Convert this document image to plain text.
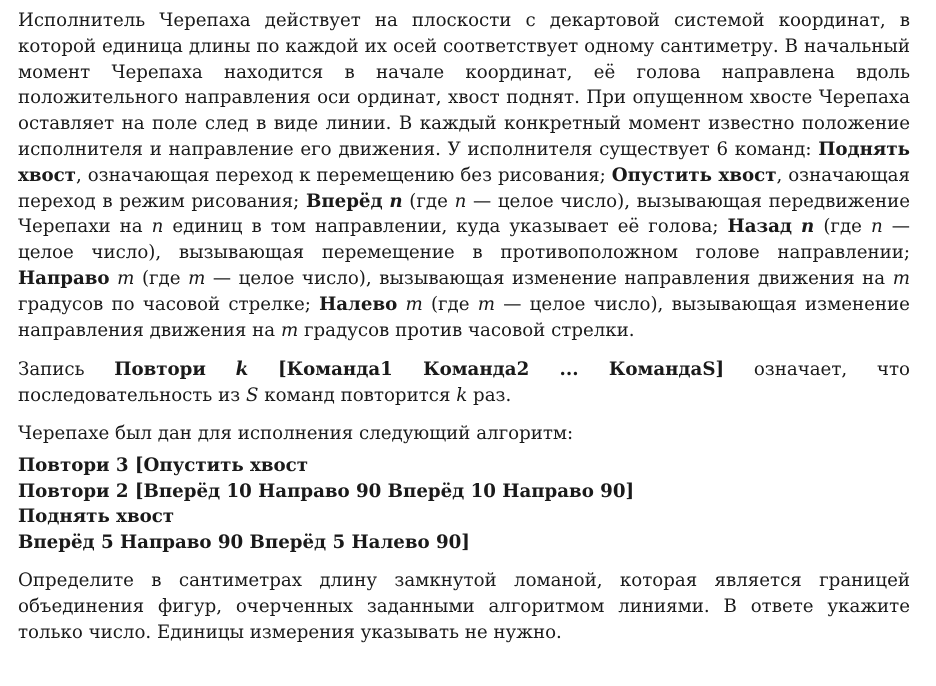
Исполнитель Черепаха действует на плоскости с декартовой системой координат, в которой единица длины по каждой их осей соответствует одному сантиметру. В начальный момент Черепаха находится в начале координат, её голова направлена вдоль положительного направления оси ординат, хвост поднят. При опущенном хвосте Черепаха оставляет на поле след в виде линии. В каждый конкретный момент известно положение исполнителя и направление его движения. У исполнителя существует 6 команд: Поднять хвост, означающая переход к перемещению без рисования; Опустить хвост, означающая переход в режим рисования; Вперёд n (где n — целое число), вызывающая передвижение Черепахи на n единиц в том направлении, куда указывает её голова; Назад n (где n — целое число), вызывающая перемещение в противоположном голове направлении; Направо m (где m — целое число), вызывающая изменение направления движения на m градусов по часовой стрелке; Налево m (где m — целое число), вызывающая изменение направления движения на m градусов против часовой стрелки.

Запись Повтори k [Команда1 Команда2 ... КомандаS] означает, что последовательность из S команд повторится k раз.

Черепахе был дан для исполнения следующий алгоритм:

Повтори 3 [Опустить хвост
Повтори 2 [Вперёд 10 Направо 90 Вперёд 10 Направо 90]
Поднять хвост
Вперёд 5 Направо 90 Вперёд 5 Налево 90]

Определите в сантиметрах длину замкнутой ломаной, которая является границей объединения фигур, очерченных заданными алгоритмом линиями. В ответе укажите только число. Единицы измерения указывать не нужно.
